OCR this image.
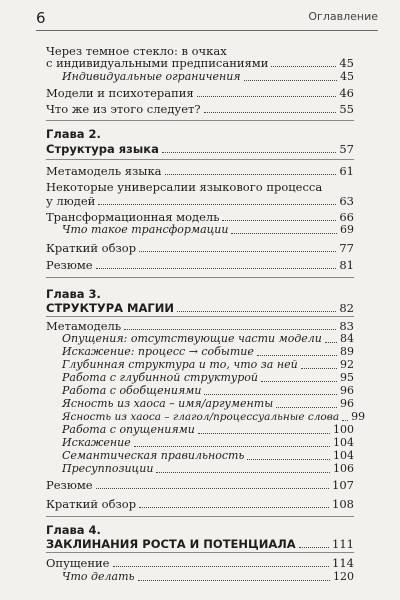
6	Оглавление
Через темное стекло: в очках
с индивидуальными предписаниями	45
Индивидуальные ограничения	45
Модели и психотерапия	46
Что же из этого следует?	55
Глава 2.
Структура языка	57
Метамодель языка	61
Некоторые универсалии языкового процесса
у людей	63
Трансформационная модель	66
Что такое трансформации	69
Краткий обзор	77
Резюме	81
Глава 3.
СТРУКТУРА МАГИИ	82
Метамодель	83
Опущения: отсутствующие части модели 84
Искажение: процесс → событие	89
Глубинная структура и то, что за ней	92
Работа с глубинной структурой	95
Работа с обобщениями	96
Ясность из хаоса – имя/аргументы	96
Ясность из хаоса – глагол/процессуальные слова 99
Работа с опущениями	100
Искажение	104
Семантическая правильность	104
Пресуппозиции	106
Резюме	107
Краткий обзор	108
Глава 4.
ЗАКЛИНАНИЯ РОСТА И ПОТЕНЦИАЛА	111
Опущение	114
Что делать	120
